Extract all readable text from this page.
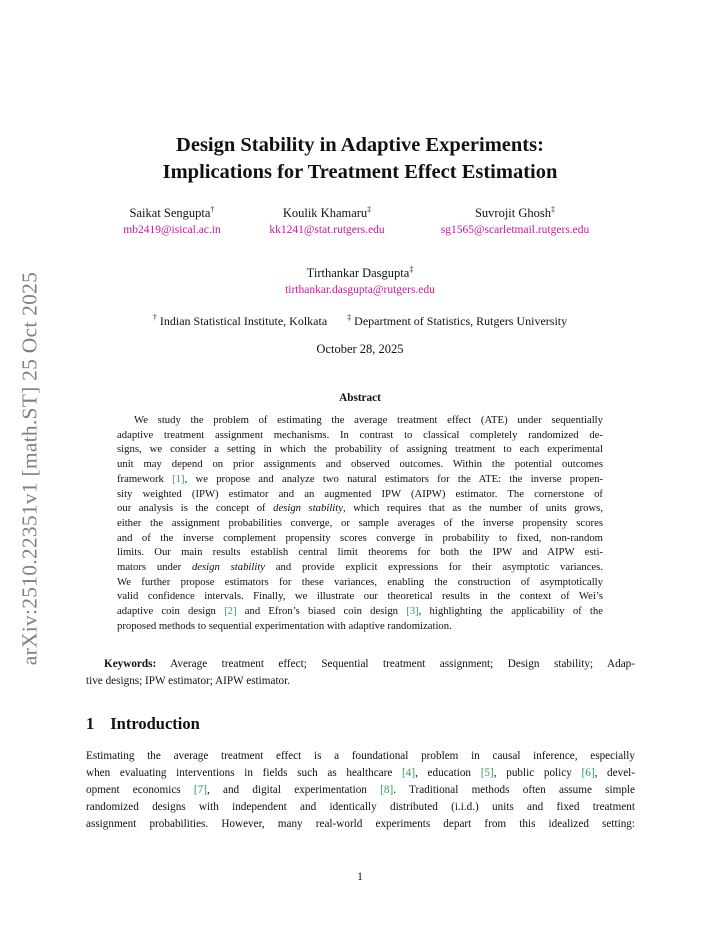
arXiv:2510.22351v1 [math.ST] 25 Oct 2025
Design Stability in Adaptive Experiments:
Implications for Treatment Effect Estimation
Saikat Sengupta†
mb2419@isical.ac.in
Koulik Khamaru‡
kk1241@stat.rutgers.edu
Suvrojit Ghosh‡
sg1565@scarletmail.rutgers.edu
Tirthankar Dasgupta‡
tirthankar.dasgupta@rutgers.edu
† Indian Statistical Institute, Kolkata	‡ Department of Statistics, Rutgers University
October 28, 2025
Abstract
We study the problem of estimating the average treatment effect (ATE) under sequentially
adaptive treatment assignment mechanisms. In contrast to classical completely randomized de-
signs, we consider a setting in which the probability of assigning treatment to each experimental
unit may depend on prior assignments and observed outcomes. Within the potential outcomes
framework [1], we propose and analyze two natural estimators for the ATE: the inverse propen-
sity weighted (IPW) estimator and an augmented IPW (AIPW) estimator. The cornerstone of
our analysis is the concept of design stability, which requires that as the number of units grows,
either the assignment probabilities converge, or sample averages of the inverse propensity scores
and of the inverse complement propensity scores converge in probability to fixed, non-random
limits. Our main results establish central limit theorems for both the IPW and AIPW esti-
mators under design stability and provide explicit expressions for their asymptotic variances.
We further propose estimators for these variances, enabling the construction of asymptotically
valid confidence intervals. Finally, we illustrate our theoretical results in the context of Wei’s
adaptive coin design [2] and Efron’s biased coin design [3], highlighting the applicability of the
proposed methods to sequential experimentation with adaptive randomization.
Keywords: Average treatment effect; Sequential treatment assignment; Design stability; Adap-
tive designs; IPW estimator; AIPW estimator.
1 Introduction
Estimating the average treatment effect is a foundational problem in causal inference, especially
when evaluating interventions in fields such as healthcare [4], education [5], public policy [6], devel-
opment economics [7], and digital experimentation [8]. Traditional methods often assume simple
randomized designs with independent and identically distributed (i.i.d.) units and fixed treatment
assignment probabilities. However, many real-world experiments depart from this idealized setting:
1
